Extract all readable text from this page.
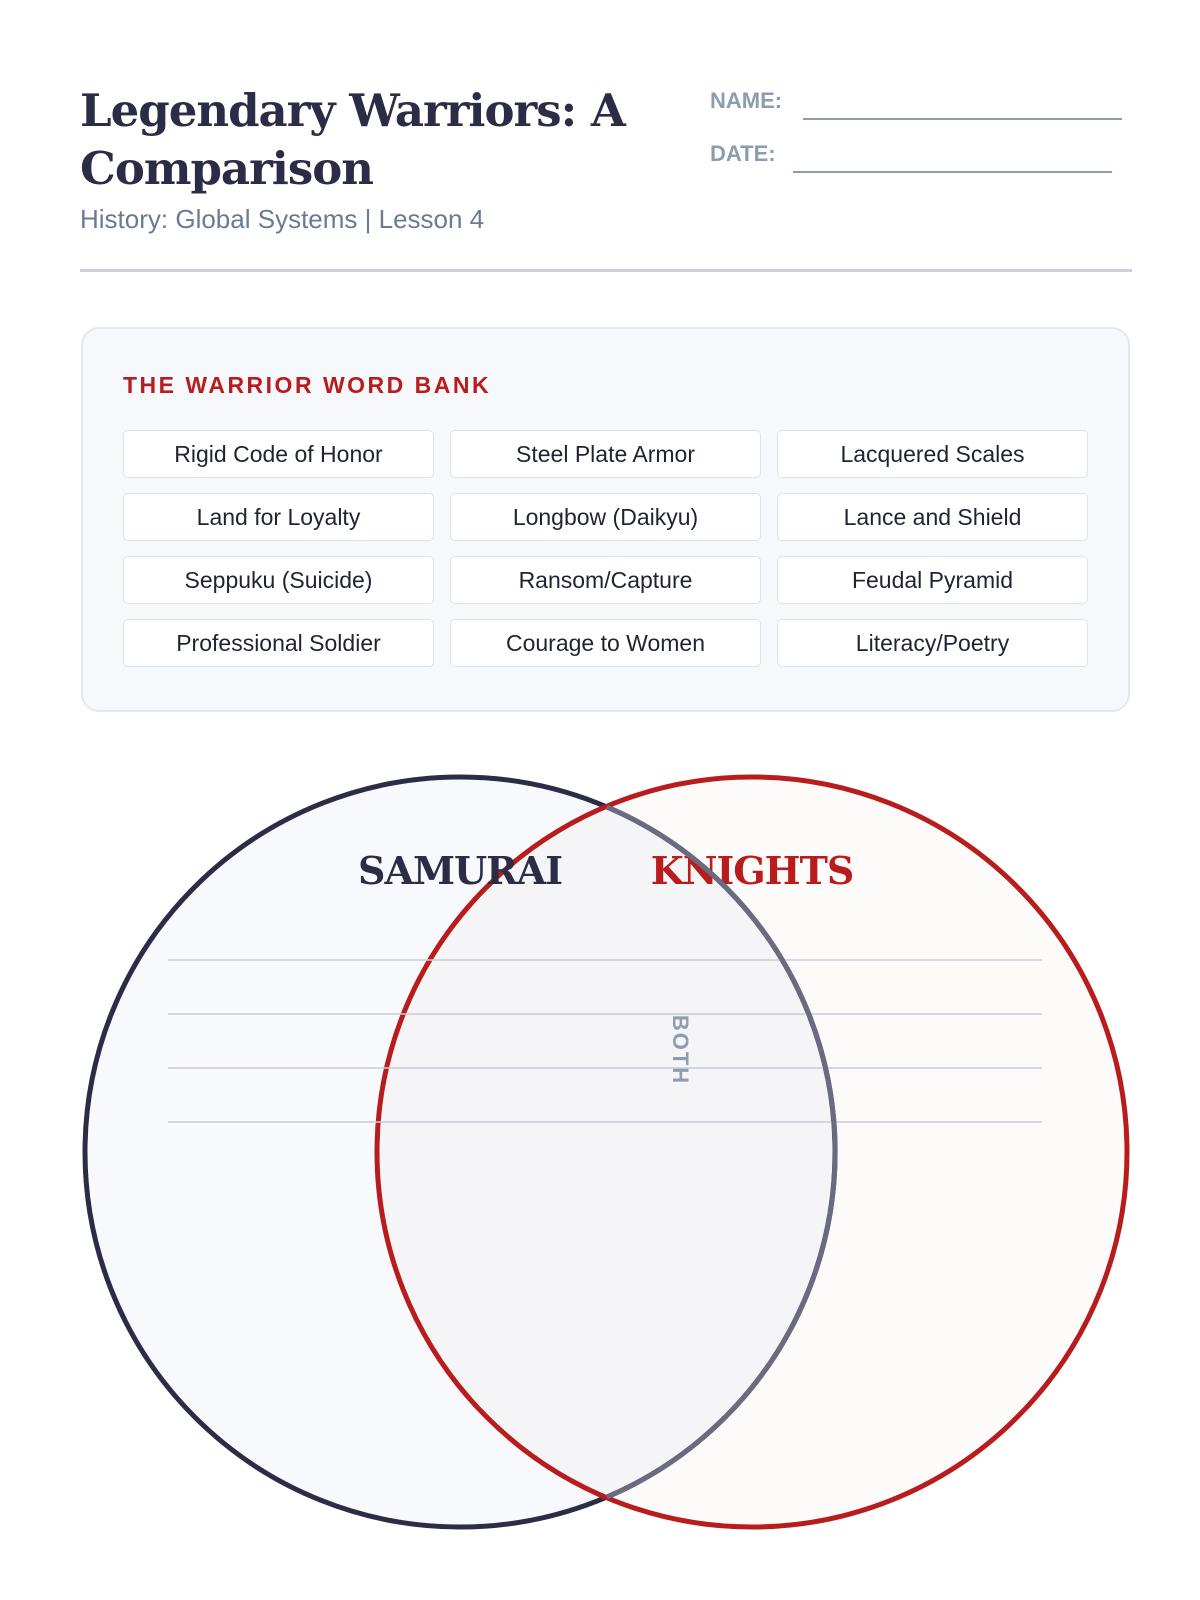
Legendary Warriors: A Comparison
History: Global Systems | Lesson 4
NAME:
DATE:
THE WARRIOR WORD BANK
Rigid Code of Honor	Steel Plate Armor	Lacquered Scales
Land for Loyalty	Longbow (Daikyu)	Lance and Shield
Seppuku (Suicide)	Ransom/Capture	Feudal Pyramid
Professional Soldier	Courage to Women	Literacy/Poetry
SAMURAI KNIGHTS
BOTH
